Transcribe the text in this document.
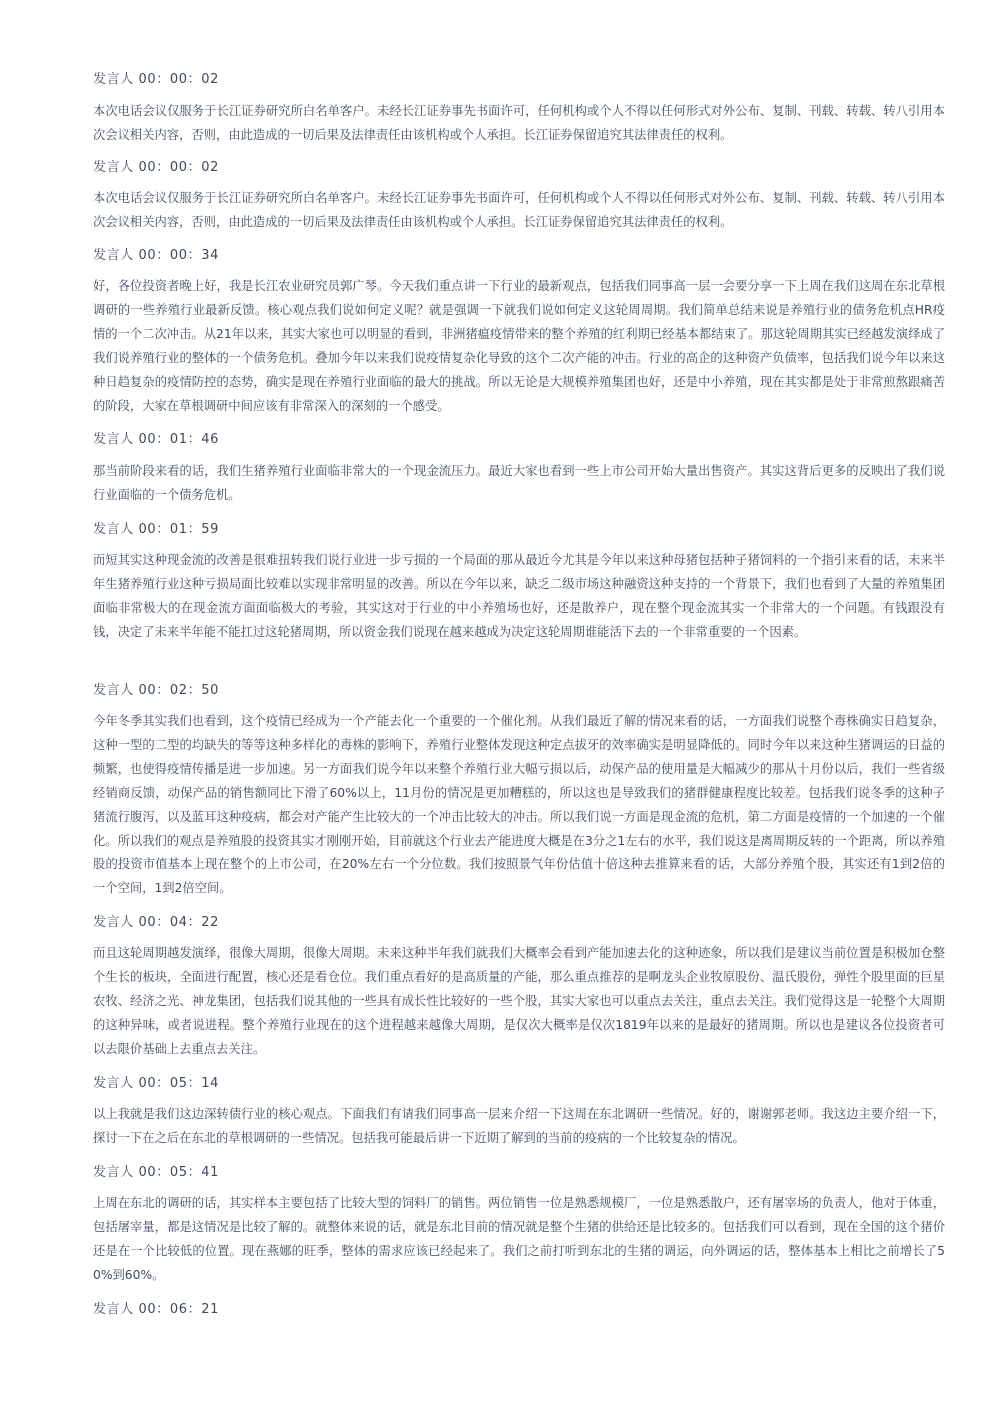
发言人 00：00：02
本次电话会议仅服务于长江证券研究所白名单客户。未经长江证券事先书面许可，任何机构或个人不得以任何形式对外公布、复制、刊载、转载、转八引用本次会议相关内容，否则，由此造成的一切后果及法律责任由该机构或个人承担。长江证券保留追究其法律责任的权利。
发言人 00：00：02
本次电话会议仅服务于长江证券研究所白名单客户。未经长江证券事先书面许可，任何机构或个人不得以任何形式对外公布、复制、刊载、转载、转八引用本次会议相关内容，否则，由此造成的一切后果及法律责任由该机构或个人承担。长江证券保留追究其法律责任的权利。
发言人 00：00：34
好，各位投资者晚上好，我是长江农业研究员郭广琴。今天我们重点讲一下行业的最新观点，包括我们同事高一层一会要分享一下上周在我们这周在东北草根调研的一些养殖行业最新反馈。核心观点我们说如何定义呢？就是强调一下就我们说如何定义这轮周周期。我们简单总结来说是养殖行业的债务危机点HR疫情的一个二次冲击。从21年以来，其实大家也可以明显的看到，非洲猪瘟疫情带来的整个养殖的红利期已经基本都结束了。那这轮周期其实已经越发演绎成了我们说养殖行业的整体的一个债务危机。叠加今年以来我们说疫情复杂化导致的这个二次产能的冲击。行业的高企的这种资产负债率，包括我们说今年以来这种日趋复杂的疫情防控的态势，确实是现在养殖行业面临的最大的挑战。所以无论是大规模养殖集团也好，还是中小养殖，现在其实都是处于非常煎熬跟痛苦的阶段，大家在草根调研中间应该有非常深入的深刻的一个感受。
发言人 00：01：46
那当前阶段来看的话，我们生猪养殖行业面临非常大的一个现金流压力。最近大家也看到一些上市公司开始大量出售资产。其实这背后更多的反映出了我们说行业面临的一个债务危机。
发言人 00：01：59
而短其实这种现金流的改善是很难扭转我们说行业进一步亏损的一个局面的那从最近今尤其是今年以来这种母猪包括种子猪饲料的一个指引来看的话，未来半年生猪养殖行业这种亏损局面比较难以实现非常明显的改善。所以在今年以来，缺乏二级市场这种融资这种支持的一个背景下，我们也看到了大量的养殖集团面临非常极大的在现金流方面面临极大的考验，其实这对于行业的中小养殖场也好，还是散养户，现在整个现金流其实一个非常大的一个问题。有钱跟没有钱，决定了未来半年能不能扛过这轮猪周期，所以资金我们说现在越来越成为决定这轮周期谁能活下去的一个非常重要的一个因素。
发言人 00：02：50
今年冬季其实我们也看到，这个疫情已经成为一个产能去化一个重要的一个催化剂。从我们最近了解的情况来看的话，一方面我们说整个毒株确实日趋复杂，这种一型的二型的均缺失的等等这种多样化的毒株的影响下，养殖行业整体发现这种定点拔牙的效率确实是明显降低的。同时今年以来这种生猪调运的日益的频繁，也使得疫情传播是进一步加速。另一方面我们说今年以来整个养殖行业大幅亏损以后，动保产品的使用量是大幅减少的那从十月份以后，我们一些省级经销商反馈，动保产品的销售额同比下滑了60%以上，11月份的情况是更加糟糕的，所以这也是导致我们的猪群健康程度比较差。包括我们说冬季的这种子猪流行腹泻，以及蓝耳这种疫病，都会对产能产生比较大的一个冲击比较大的冲击。所以我们说一方面是现金流的危机，第二方面是疫情的一个加速的一个催化。所以我们的观点是养殖股的投资其实才刚刚开始，目前就这个行业去产能进度大概是在3分之1左右的水平，我们说这是离周期反转的一个距离，所以养殖股的投资市值基本上现在整个的上市公司，在20%左右一个分位数。我们按照景气年份估值十倍这种去推算来看的话，大部分养殖个股，其实还有1到2倍的一个空间，1到2倍空间。
发言人 00：04：22
而且这轮周期越发演绎，很像大周期，很像大周期。未来这种半年我们就我们大概率会看到产能加速去化的这种迹象，所以我们是建议当前位置是积极加仓整个生长的板块，全面进行配置，核心还是看仓位。我们重点看好的是高质量的产能，那么重点推荐的是啊龙头企业牧原股份、温氏股份，弹性个股里面的巨星农牧、经济之光、神龙集团，包括我们说其他的一些具有成长性比较好的一些个股，其实大家也可以重点去关注，重点去关注。我们觉得这是一轮整个大周期的这种异味，或者说进程。整个养殖行业现在的这个进程越来越像大周期，是仅次大概率是仅次1819年以来的是最好的猪周期。所以也是建议各位投资者可以去限价基础上去重点去关注。
发言人 00：05：14
以上我就是我们这边深转债行业的核心观点。下面我们有请我们同事高一层来介绍一下这周在东北调研一些情况。好的，谢谢郭老师。我这边主要介绍一下，探讨一下在之后在东北的草根调研的一些情况。包括我可能最后讲一下近期了解到的当前的疫病的一个比较复杂的情况。
发言人 00：05：41
上周在东北的调研的话，其实样本主要包括了比较大型的饲料厂的销售。两位销售一位是熟悉规模厂，一位是熟悉散户，还有屠宰场的负责人，他对于体重，包括屠宰量，都是这情况是比较了解的。就整体来说的话，就是东北目前的情况就是整个生猪的供给还是比较多的。包括我们可以看到，现在全国的这个猪价还是在一个比较低的位置。现在燕娜的旺季，整体的需求应该已经起来了。我们之前打听到东北的生猪的调运，向外调运的话，整体基本上相比之前增长了50%到60%。
发言人 00：06：21
